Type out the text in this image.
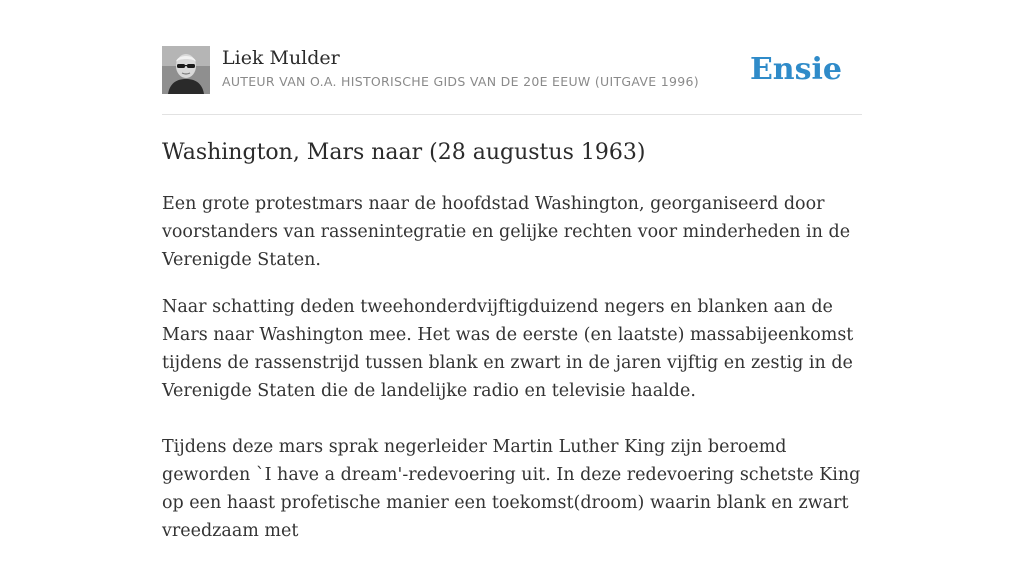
Liek Mulder
AUTEUR VAN O.A. HISTORISCHE GIDS VAN DE 20E EEUW (UITGAVE 1996) Ensie
Washington, Mars naar (28 augustus 1963)

Een grote protestmars naar de hoofdstad Washington, georganiseerd door voorstanders van rassenintegratie en gelijke rechten voor minderheden in de Verenigde Staten.

Naar schatting deden tweehonderdvijftigduizend negers en blanken aan de Mars naar Washington mee. Het was de eerste (en laatste) massabijeenkomst tijdens de rassenstrijd tussen blank en zwart in de jaren vijftig en zestig in de Verenigde Staten die de landelijke radio en televisie haalde.

Tijdens deze mars sprak negerleider Martin Luther King zijn beroemd geworden `I have a dream'-redevoering uit. In deze redevoering schetste King op een haast profetische manier een toekomst(droom) waarin blank en zwart vreedzaam met
